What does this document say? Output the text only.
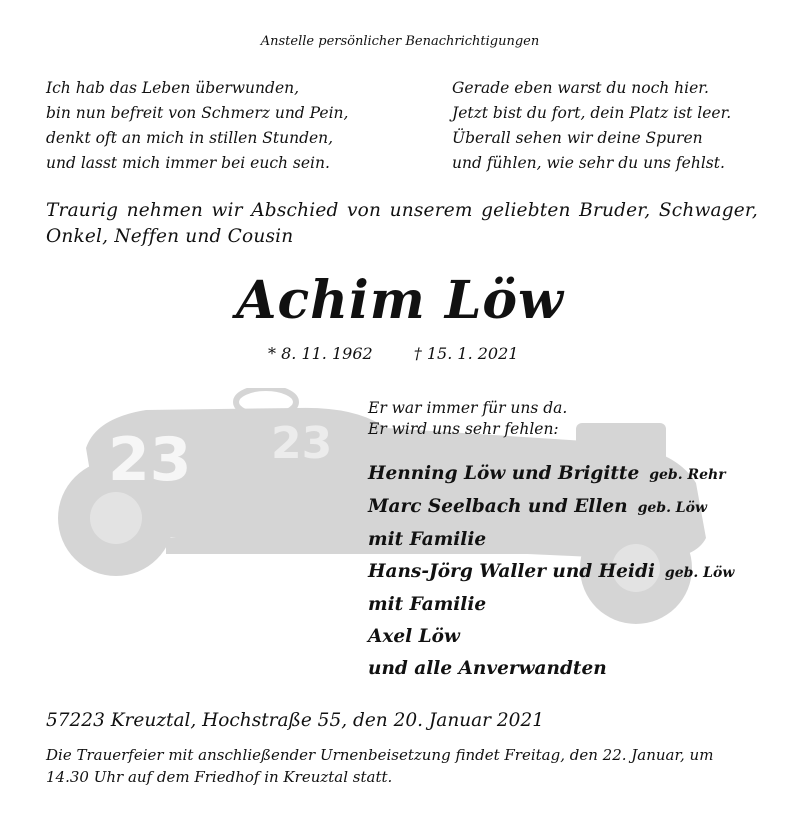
Anstelle persönlicher Benachrichtigungen
Ich hab das Leben überwunden,
bin nun befreit von Schmerz und Pein,
denkt oft an mich in stillen Stunden,
und lasst mich immer bei euch sein.
Gerade eben warst du noch hier.
Jetzt bist du fort, dein Platz ist leer.
Überall sehen wir deine Spuren
und fühlen, wie sehr du uns fehlst.
Traurig nehmen wir Abschied von unserem geliebten Bruder, Schwager, Onkel, Neffen und Cousin
Achim Löw
* 8. 11. 1962	† 15. 1. 2021
23 23
Er war immer für uns da.
Er wird uns sehr fehlen:
Henning Löw und Brigitte geb. Rehr
Marc Seelbach und Ellen geb. Löw
mit Familie
Hans-Jörg Waller und Heidi geb. Löw
mit Familie
Axel Löw
und alle Anverwandten
57223 Kreuztal, Hochstraße 55, den 20. Januar 2021
Die Trauerfeier mit anschließender Urnenbeisetzung findet Freitag, den 22. Januar, um 14.30 Uhr auf dem Friedhof in Kreuztal statt.
